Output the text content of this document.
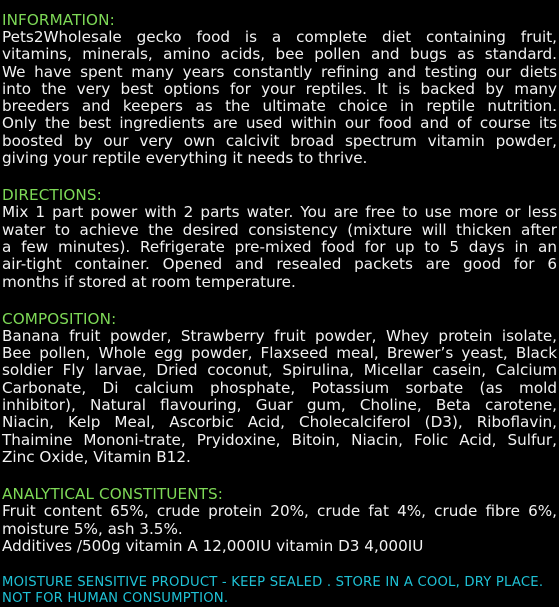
INFORMATION:
Pets2Wholesale gecko food is a complete diet containing fruit,
vitamins, minerals, amino acids, bee pollen and bugs as standard.
We have spent many years constantly refining and testing our diets
into the very best options for your reptiles. It is backed by many
breeders and keepers as the ultimate choice in reptile nutrition.
Only the best ingredients are used within our food and of course its
boosted by our very own calcivit broad spectrum vitamin powder,
giving your reptile everything it needs to thrive.
DIRECTIONS:
Mix 1 part power with 2 parts water. You are free to use more or less
water to achieve the desired consistency (mixture will thicken after
a few minutes). Refrigerate pre-mixed food for up to 5 days in an
air-tight container. Opened and resealed packets are good for 6
months if stored at room temperature.
COMPOSITION:
Banana fruit powder, Strawberry fruit powder, Whey protein isolate,
Bee pollen, Whole egg powder, Flaxseed meal, Brewer’s yeast, Black
soldier Fly larvae, Dried coconut, Spirulina, Micellar casein, Calcium
Carbonate, Di calcium phosphate, Potassium sorbate (as mold
inhibitor), Natural flavouring, Guar gum, Choline, Beta carotene,
Niacin, Kelp Meal, Ascorbic Acid, Cholecalciferol (D3), Riboflavin,
Thaimine Mononi-trate, Pryidoxine, Bitoin, Niacin, Folic Acid, Sulfur,
Zinc Oxide, Vitamin B12.
ANALYTICAL CONSTITUENTS:
Fruit content 65%, crude protein 20%, crude fat 4%, crude fibre 6%,
moisture 5%, ash 3.5%.
Additives /500g vitamin A 12,000IU vitamin D3 4,000IU
MOISTURE SENSITIVE PRODUCT - KEEP SEALED . STORE IN A COOL, DRY PLACE.
NOT FOR HUMAN CONSUMPTION.
